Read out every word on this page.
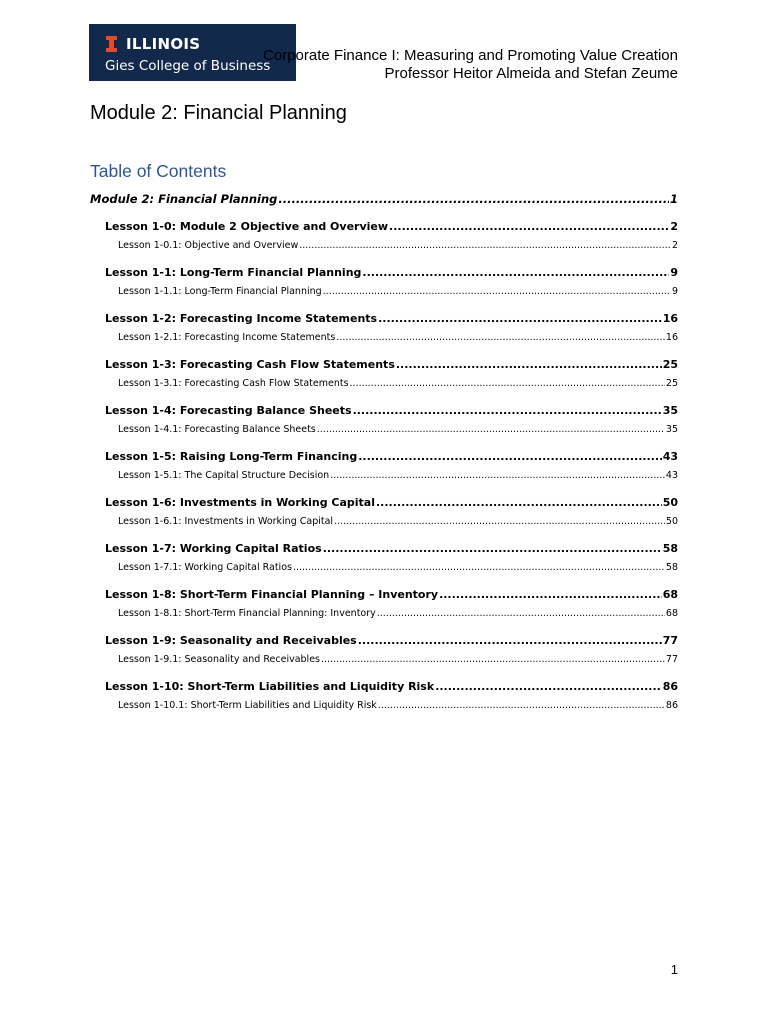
ILLINOIS
Gies College of Business
Corporate Finance I: Measuring and Promoting Value Creation
Professor Heitor Almeida and Stefan Zeume
Module 2: Financial Planning
Table of Contents
Module 2: Financial Planning .....	1
Lesson 1-0: Module 2 Objective and Overview .....	2
Lesson 1-0.1: Objective and Overview .....	2
Lesson 1-1: Long-Term Financial Planning .....	9
Lesson 1-1.1: Long-Term Financial Planning .....	9
Lesson 1-2: Forecasting Income Statements .....	16
Lesson 1-2.1: Forecasting Income Statements .....	16
Lesson 1-3: Forecasting Cash Flow Statements .....	25
Lesson 1-3.1: Forecasting Cash Flow Statements .....	25
Lesson 1-4: Forecasting Balance Sheets .....	35
Lesson 1-4.1: Forecasting Balance Sheets .....	35
Lesson 1-5: Raising Long-Term Financing .....	43
Lesson 1-5.1: The Capital Structure Decision .....	43
Lesson 1-6: Investments in Working Capital .....	50
Lesson 1-6.1: Investments in Working Capital .....	50
Lesson 1-7: Working Capital Ratios .....	58
Lesson 1-7.1: Working Capital Ratios .....	58
Lesson 1-8: Short-Term Financial Planning – Inventory .....	68
Lesson 1-8.1: Short-Term Financial Planning: Inventory .....	68
Lesson 1-9: Seasonality and Receivables .....	77
Lesson 1-9.1: Seasonality and Receivables .....	77
Lesson 1-10: Short-Term Liabilities and Liquidity Risk .....	86
Lesson 1-10.1: Short-Term Liabilities and Liquidity Risk .....	86
1
